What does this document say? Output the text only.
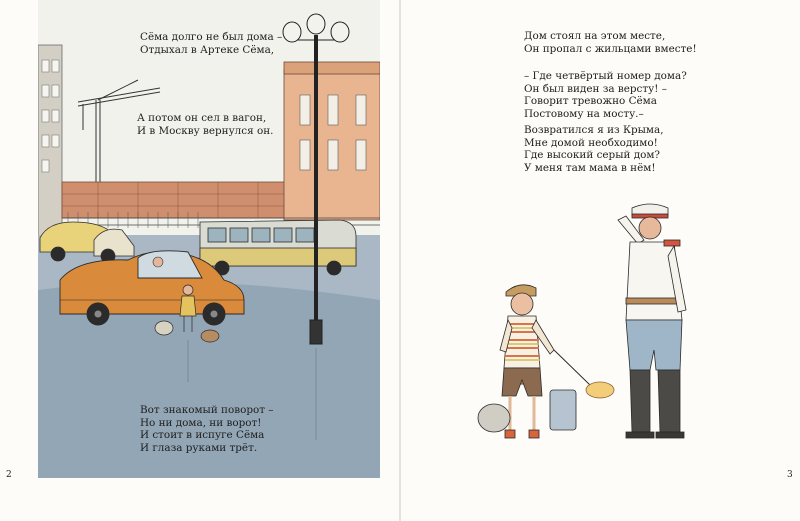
Сёма долго не был дома –
Отдыхал в Артеке Сёма,
А потом он сел в вагон,
И в Москву вернулся он.
Вот знакомый поворот –
Но ни дома, ни ворот!
И стоит в испуге Сёма
И глаза руками трёт.
2
Дом стоял на этом месте,
Он пропал с жильцами вместе!
– Где четвёртый номер дома?
Он был виден за версту! –
Говорит тревожно Сёма
Постовому на мосту.–
Возвратился я из Крыма,
Мне домой необходимо!
Где высокий серый дом?
У меня там мама в нём!
3
